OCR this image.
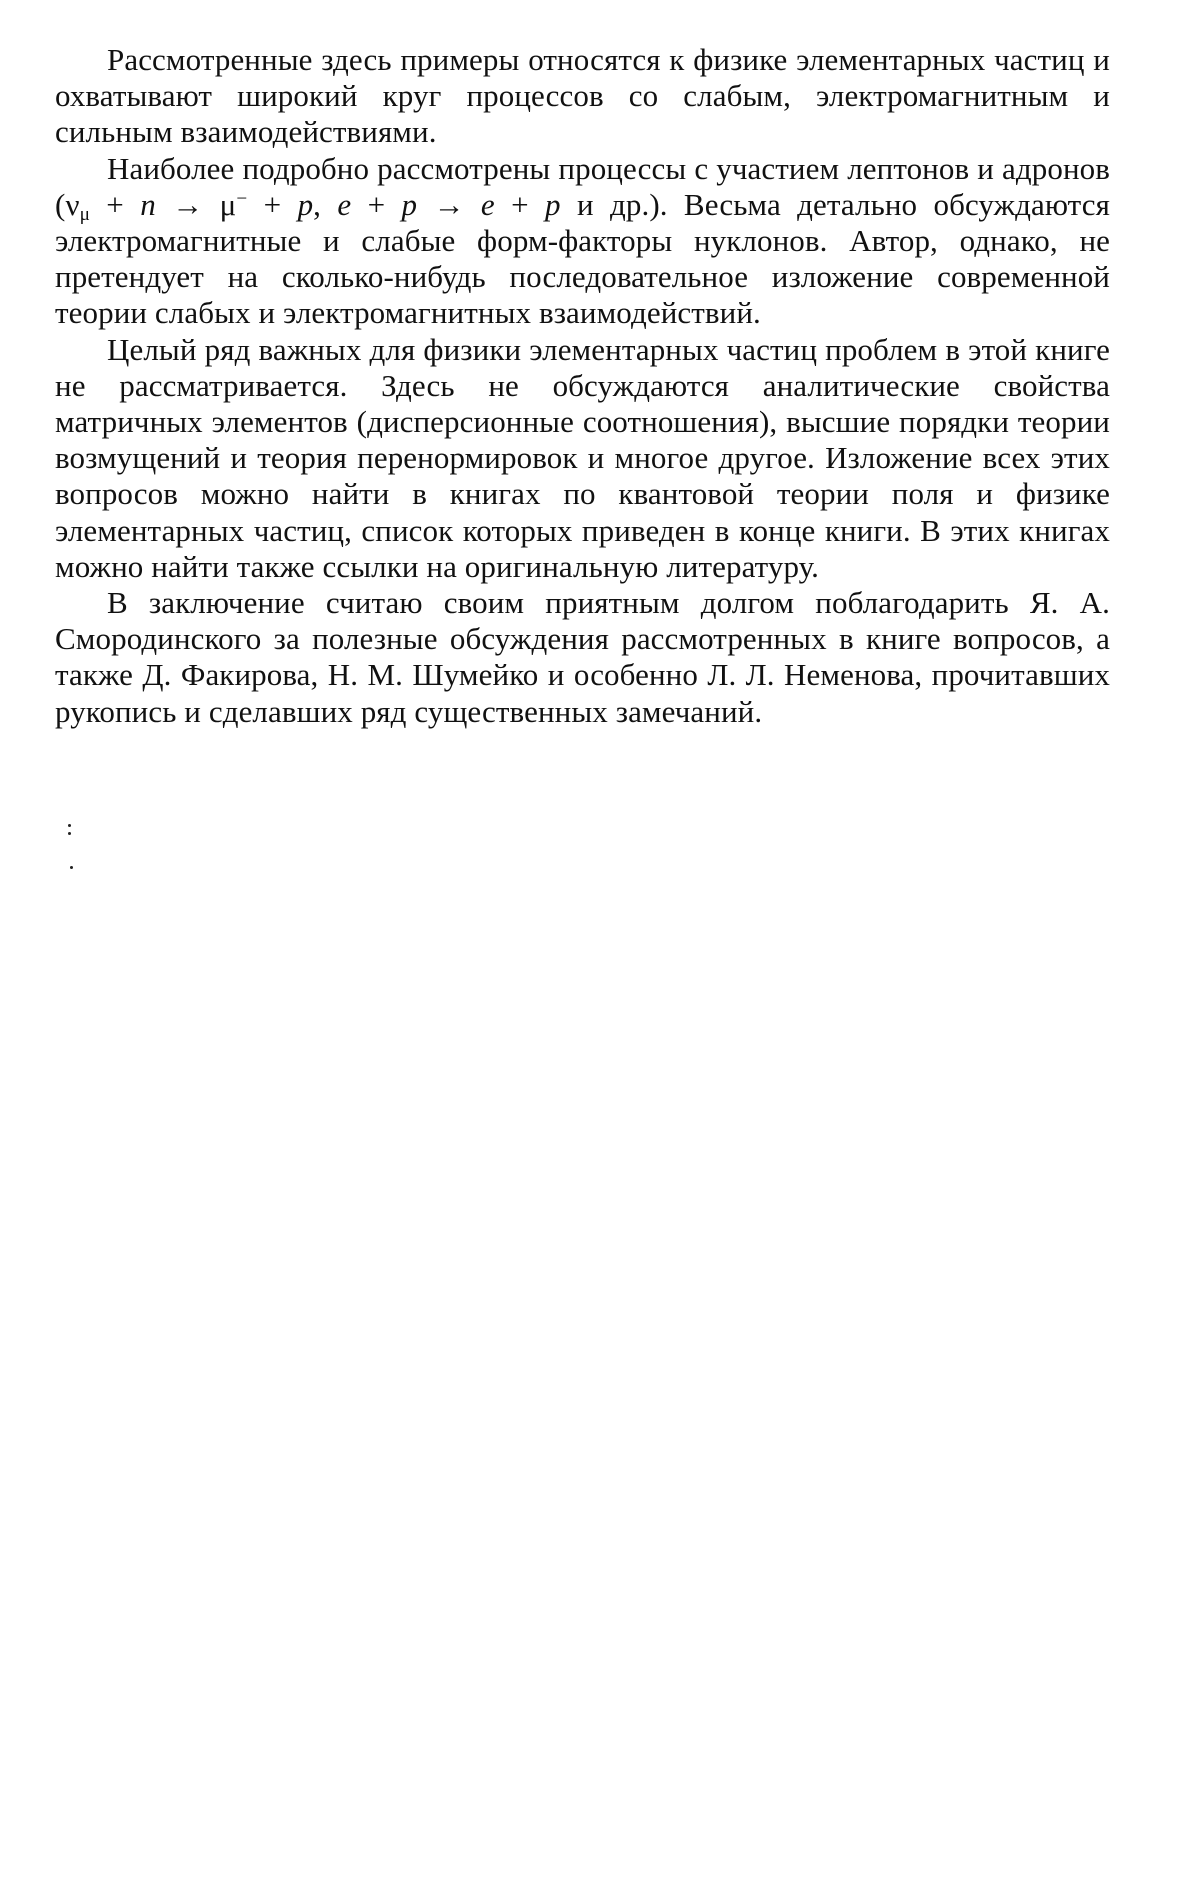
Рассмотренные здесь примеры относятся к физике элементарных частиц и охватывают широкий круг процессов со слабым, электромагнитным и сильным взаимодействиями.

Наиболее подробно рассмотрены процессы с участием лептонов и адронов ($\nu_\mu + n \to \mu^- + p$, e + p → e + p и др.). Весьма детально обсуждаются электромагнитные и слабые форм-факторы нуклонов. Автор, однако, не претендует на сколько-нибудь последовательное изложение современной теории слабых и электромагнитных взаимодействий.

Целый ряд важных для физики элементарных частиц проблем в этой книге не рассматривается. Здесь не обсуждаются аналитические свойства матричных элементов (дисперсионные соотношения), высшие порядки теории возмущений и теория перенормировок и многое другое. Изложение всех этих вопросов можно найти в книгах по квантовой теории поля и физике элементарных частиц, список которых приведен в конце книги. В этих книгах можно найти также ссылки на оригинальную литературу.

В заключение считаю своим приятным долгом поблагодарить Я. А. Смородинского за полезные обсуждения рассмотренных в книге вопросов, а также Д. Факирова, Н. М. Шумейко и особенно Л. Л. Неменова, прочитавших рукопись и сделавших ряд существенных замечаний.
